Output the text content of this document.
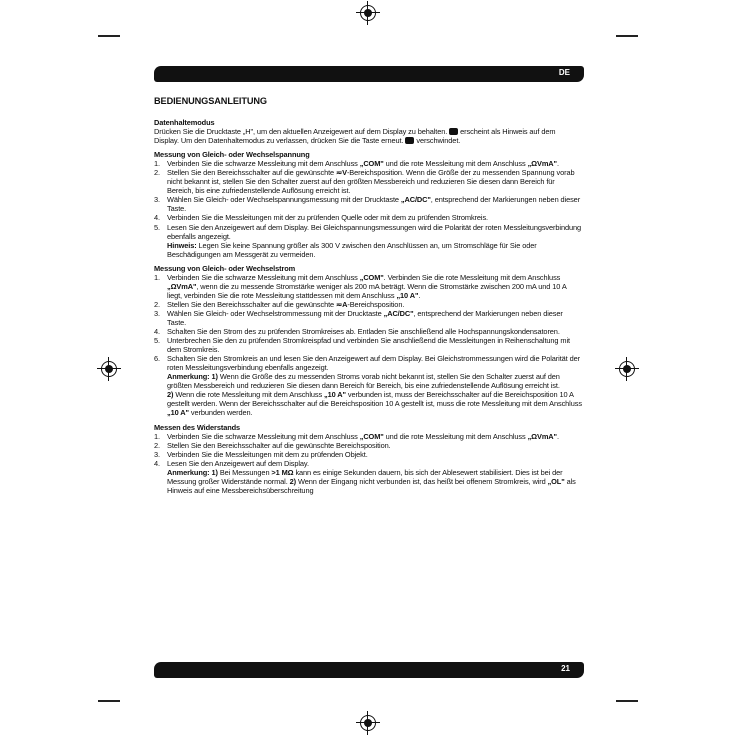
DE
BEDIENUNGSANLEITUNG
Datenhaltemodus

Drücken Sie die Drucktaste „H", um den aktuellen Anzeigewert auf dem Display zu behalten. erscheint als Hinweis auf dem Display. Um den Datenhaltemodus zu verlassen, drücken Sie die Taste erneut. verschwindet.

Messung von Gleich- oder Wechselspannung
1. Verbinden Sie die schwarze Messleitung mit dem Anschluss „COM" und die rote Messleitung mit dem Anschluss „ΩVmA".
2. Stellen Sie den Bereichsschalter auf die gewünschte ≂V-Bereichsposition. Wenn die Größe der zu messenden Spannung vorab nicht bekannt ist, stellen Sie den Schalter zuerst auf den größten Messbereich und reduzieren Sie diesen dann Bereich für Bereich, bis eine zufriedenstellende Auflösung erreicht ist.
3. Wählen Sie Gleich- oder Wechselspannungsmessung mit der Drucktaste „AC/DC", entsprechend der Markierungen neben dieser Taste.
4. Verbinden Sie die Messleitungen mit der zu prüfenden Quelle oder mit dem zu prüfenden Stromkreis.
5. Lesen Sie den Anzeigewert auf dem Display. Bei Gleichspannungsmessungen wird die Polarität der roten Messleitungsverbindung ebenfalls angezeigt.
Hinweis: Legen Sie keine Spannung größer als 300 V zwischen den Anschlüssen an, um Stromschläge für Sie oder Beschädigungen am Messgerät zu vermeiden.
Messung von Gleich- oder Wechselstrom
1. Verbinden Sie die schwarze Messleitung mit dem Anschluss „COM". Verbinden Sie die rote Messleitung mit dem Anschluss „ΩVmA", wenn die zu messende Stromstärke weniger als 200 mA beträgt. Wenn die Stromstärke zwischen 200 mA und 10 A liegt, verbinden Sie die rote Messleitung stattdessen mit dem Anschluss „10 A".
2. Stellen Sie den Bereichsschalter auf die gewünschte ≂A-Bereichsposition.
3. Wählen Sie Gleich- oder Wechselstrommessung mit der Drucktaste „AC/DC", entsprechend der Markierungen neben dieser Taste.
4. Schalten Sie den Strom des zu prüfenden Stromkreises ab. Entladen Sie anschließend alle Hochspannungskondensatoren.
5. Unterbrechen Sie den zu prüfenden Stromkreispfad und verbinden Sie anschließend die Messleitungen in Reihenschaltung mit dem Stromkreis.
6. Schalten Sie den Stromkreis an und lesen Sie den Anzeigewert auf dem Display. Bei Gleichstrommessungen wird die Polarität der roten Messleitungsverbindung ebenfalls angezeigt.
Anmerkung: 1) Wenn die Größe des zu messenden Stroms vorab nicht bekannt ist, stellen Sie den Schalter zuerst auf den größten Messbereich und reduzieren Sie diesen dann Bereich für Bereich, bis eine zufriedenstellende Auflösung erreicht ist.
2) Wenn die rote Messleitung mit dem Anschluss „10 A" verbunden ist, muss der Bereichsschalter auf die Bereichsposition 10 A gestellt werden. Wenn der Bereichsschalter auf die Bereichsposition 10 A gestellt ist, muss die rote Messleitung mit dem Anschluss „10 A" verbunden werden.
Messen des Widerstands
1. Verbinden Sie die schwarze Messleitung mit dem Anschluss „COM" und die rote Messleitung mit dem Anschluss „ΩVmA".
2. Stellen Sie den Bereichsschalter auf die gewünschte Bereichsposition.
3. Verbinden Sie die Messleitungen mit dem zu prüfenden Objekt.
4. Lesen Sie den Anzeigewert auf dem Display.
Anmerkung: 1) Bei Messungen >1 MΩ kann es einige Sekunden dauern, bis sich der Ablesewert stabilisiert. Dies ist bei der Messung großer Widerstände normal. 2) Wenn der Eingang nicht verbunden ist, das heißt bei offenem Stromkreis, wird „OL" als Hinweis auf eine Messbereichsüberschreitung
21
